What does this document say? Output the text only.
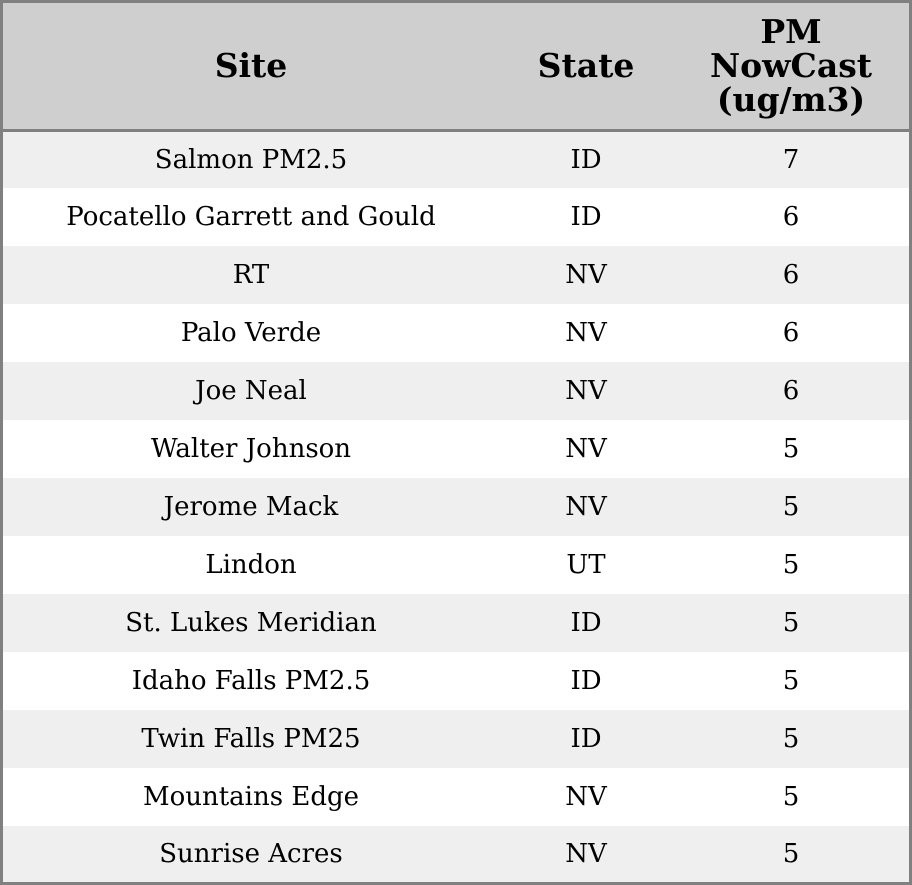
Site	State	PM
NowCast
(ug/m3)

Salmon PM2.5	ID	7
Pocatello Garrett and Gould	ID	6
RT	NV	6
Palo Verde	NV	6
Joe Neal	NV	6
Walter Johnson	NV	5
Jerome Mack	NV	5
Lindon	UT	5
St. Lukes Meridian	ID	5
Idaho Falls PM2.5	ID	5
Twin Falls PM25	ID	5
Mountains Edge	NV	5
Sunrise Acres	NV	5
